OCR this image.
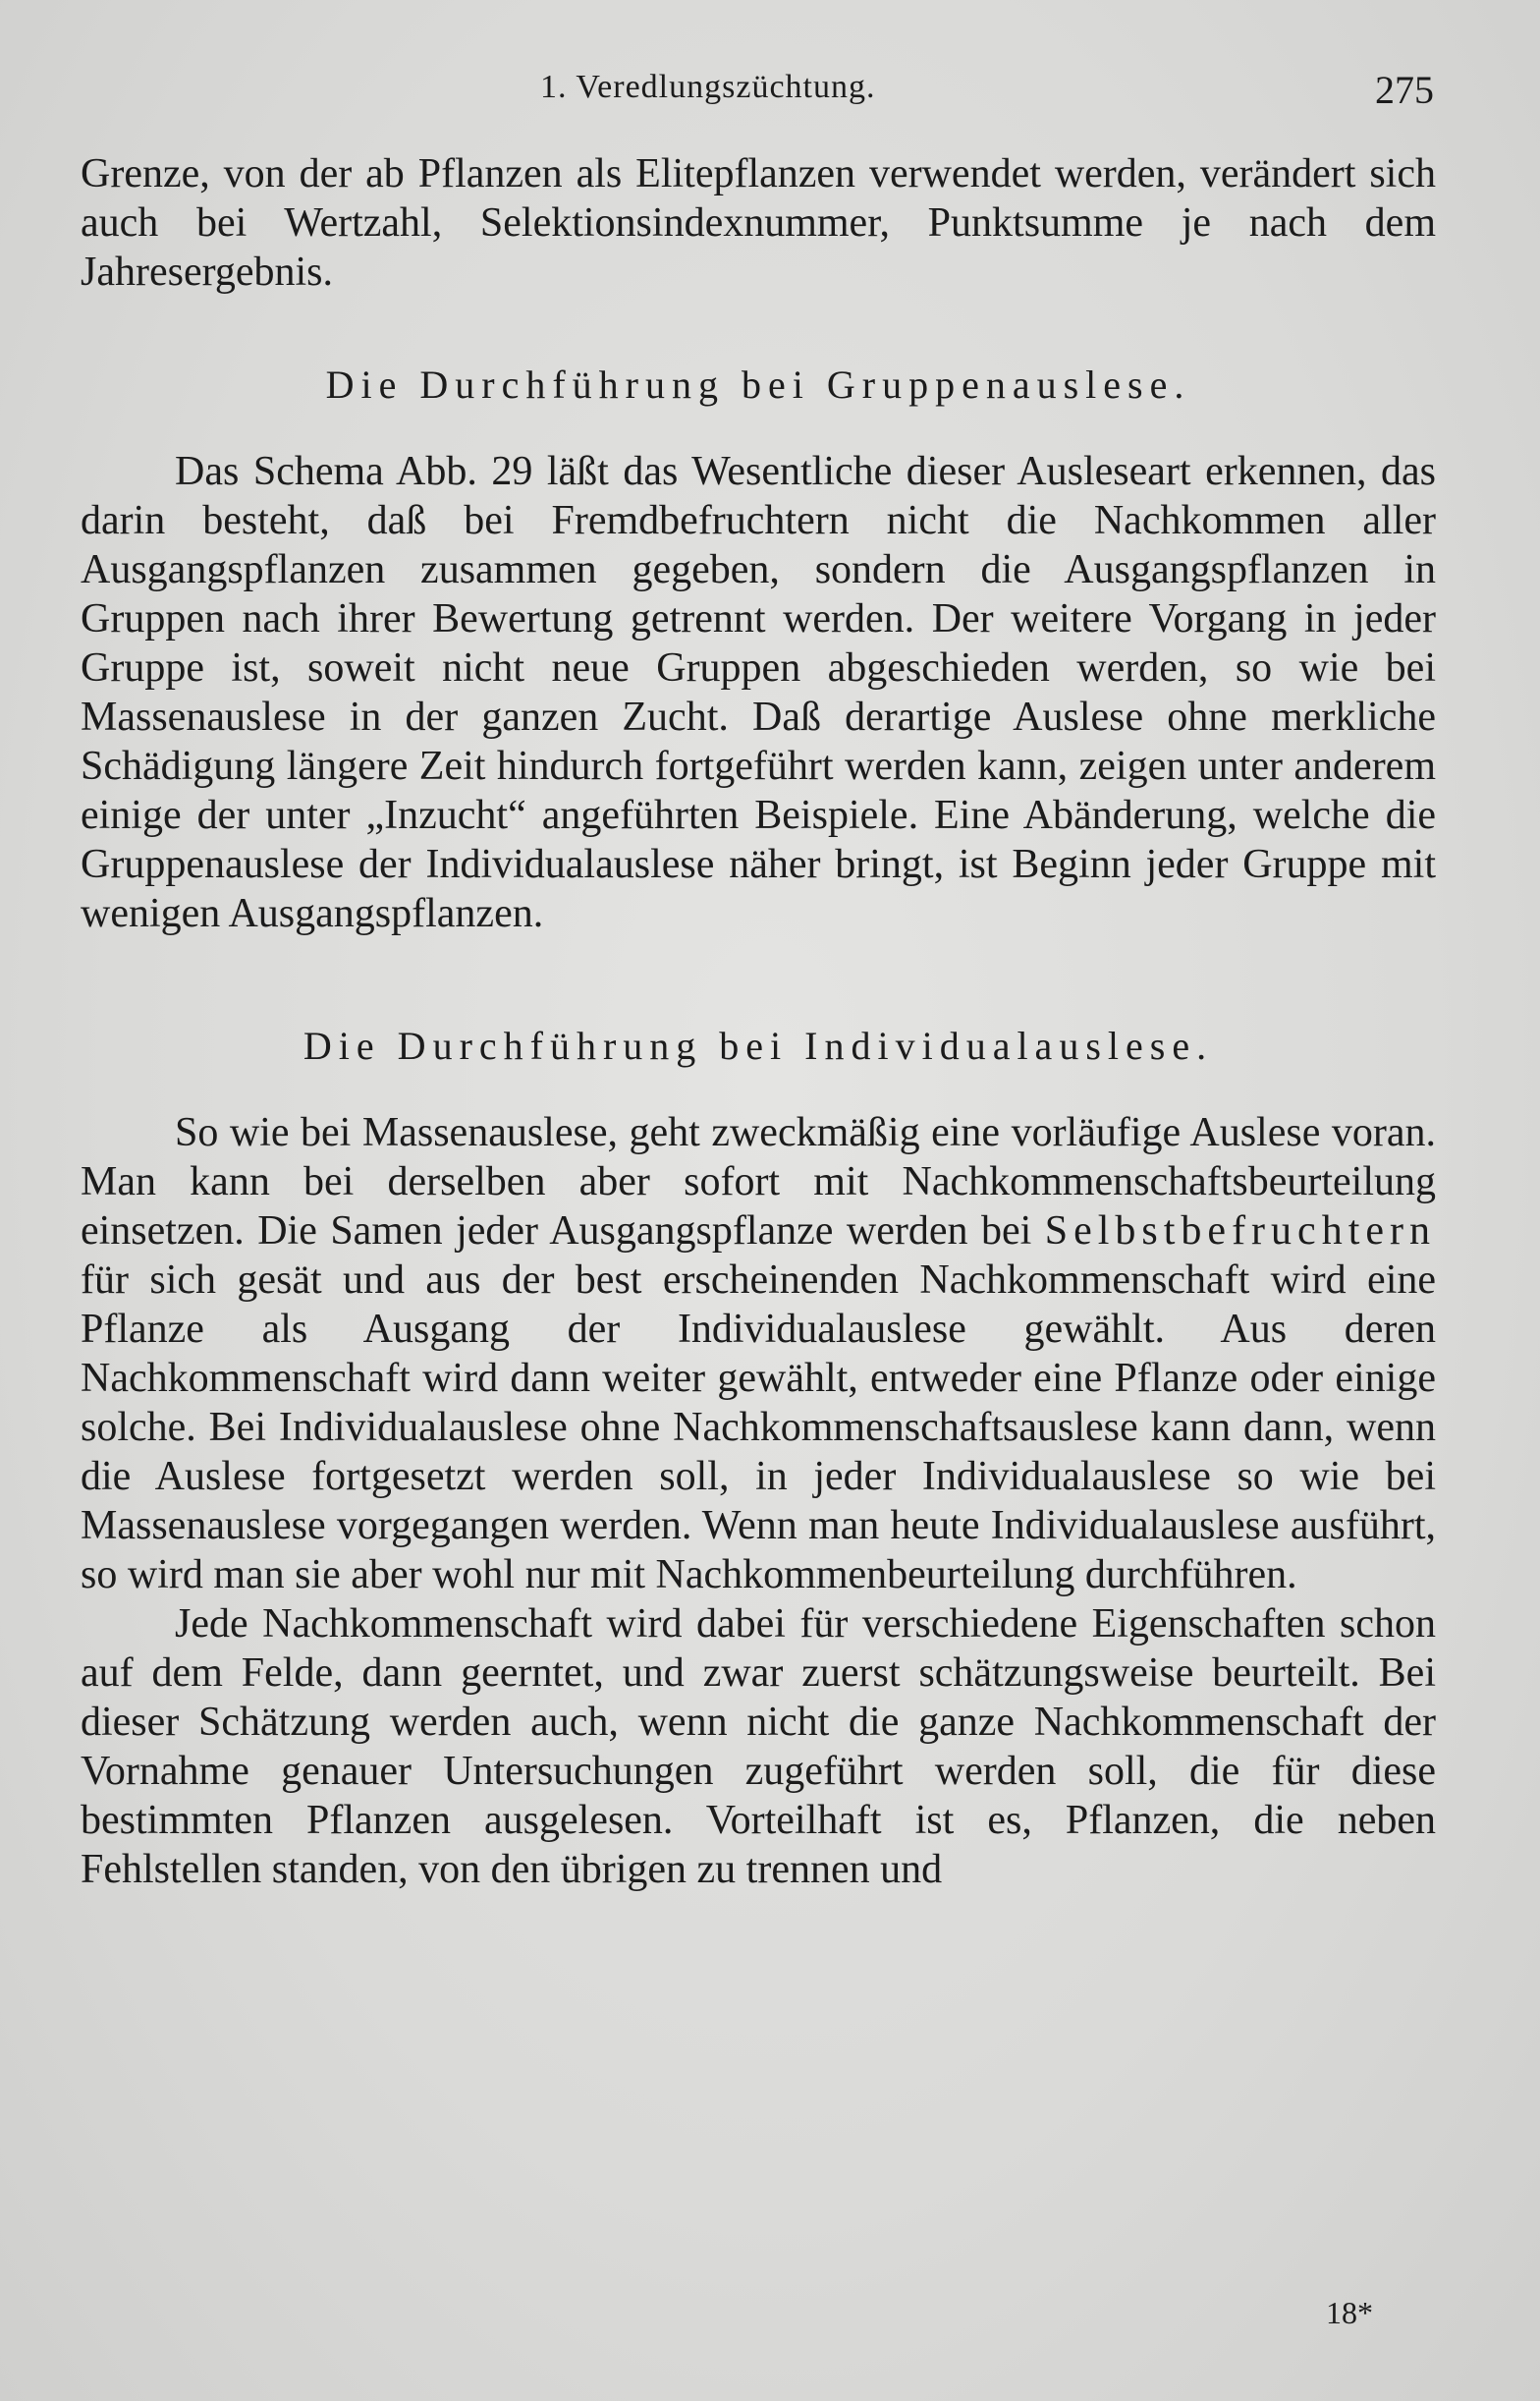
1. Veredlungszüchtung.	275

Grenze, von der ab Pflanzen als Elitepflanzen verwendet werden, verändert sich auch bei Wertzahl, Selektionsindexnummer, Punktsumme je nach dem Jahresergebnis.

Die Durchführung bei Gruppenauslese.

Das Schema Abb. 29 läßt das Wesentliche dieser Ausleseart erkennen, das darin besteht, daß bei Fremdbefruchtern nicht die Nachkommen aller Ausgangspflanzen zusammen gegeben, sondern die Ausgangspflanzen in Gruppen nach ihrer Bewertung getrennt werden. Der weitere Vorgang in jeder Gruppe ist, soweit nicht neue Gruppen abgeschieden werden, so wie bei Massenauslese in der ganzen Zucht. Daß derartige Auslese ohne merkliche Schädigung längere Zeit hindurch fortgeführt werden kann, zeigen unter anderem einige der unter „Inzucht“ angeführten Beispiele. Eine Abänderung, welche die Gruppenauslese der Individualauslese näher bringt, ist Beginn jeder Gruppe mit wenigen Ausgangspflanzen.

Die Durchführung bei Individualauslese.

So wie bei Massenauslese, geht zweckmäßig eine vorläufige Auslese voran. Man kann bei derselben aber sofort mit Nachkommenschaftsbeurteilung einsetzen. Die Samen jeder Ausgangspflanze werden bei Selbstbefruchtern für sich gesät und aus der best erscheinenden Nachkommenschaft wird eine Pflanze als Ausgang der Individualauslese gewählt. Aus deren Nachkommenschaft wird dann weiter gewählt, entweder eine Pflanze oder einige solche. Bei Individualauslese ohne Nachkommenschaftsauslese kann dann, wenn die Auslese fortgesetzt werden soll, in jeder Individualauslese so wie bei Massenauslese vorgegangen werden. Wenn man heute Individualauslese ausführt, so wird man sie aber wohl nur mit Nachkommenbeurteilung durchführen.

Jede Nachkommenschaft wird dabei für verschiedene Eigenschaften schon auf dem Felde, dann geerntet, und zwar zuerst schätzungsweise beurteilt. Bei dieser Schätzung werden auch, wenn nicht die ganze Nachkommenschaft der Vornahme genauer Untersuchungen zugeführt werden soll, die für diese bestimmten Pflanzen ausgelesen. Vorteilhaft ist es, Pflanzen, die neben Fehlstellen standen, von den übrigen zu trennen und

18*
